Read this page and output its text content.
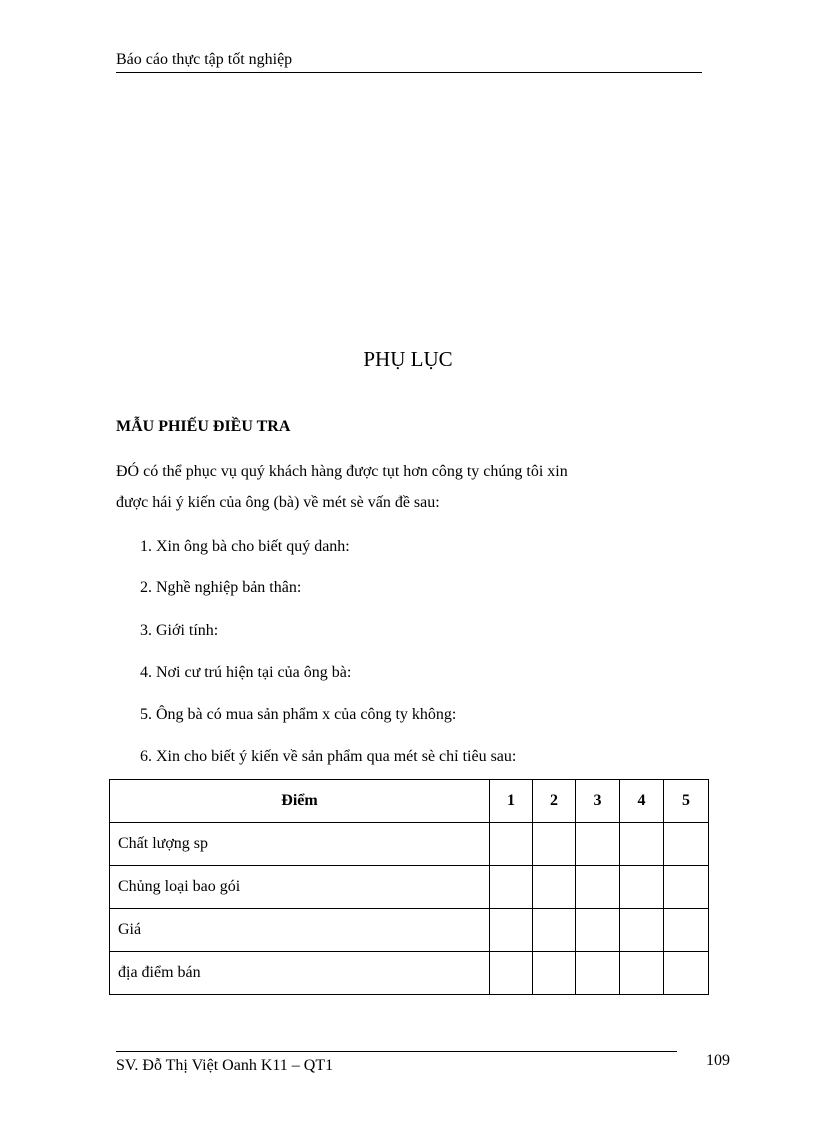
Báo cáo thực tập tốt nghiệp
PHỤ LỤC
MẪU PHIẾU ĐIỀU TRA
ĐÓ có thể phục vụ quý khách hàng được tụt hơn công ty chúng tôi xin
được hái ý kiến của ông (bà) về mét sè vấn đề sau:
1. Xin ông bà cho biết quý danh:
2. Nghề nghiệp bản thân:
3. Giới tính:
4. Nơi cư trú hiện tại của ông bà:
5. Ông bà có mua sản phẩm x của công ty không:
6. Xin cho biết ý kiến về sản phẩm qua mét sè chỉ tiêu sau:
Điểm	1	2	3	4	5
Chất lượng sp					
Chủng loại bao gói					
Giá					
địa điểm bán					
SV. Đỗ Thị Việt Oanh K11 – QT1	109
